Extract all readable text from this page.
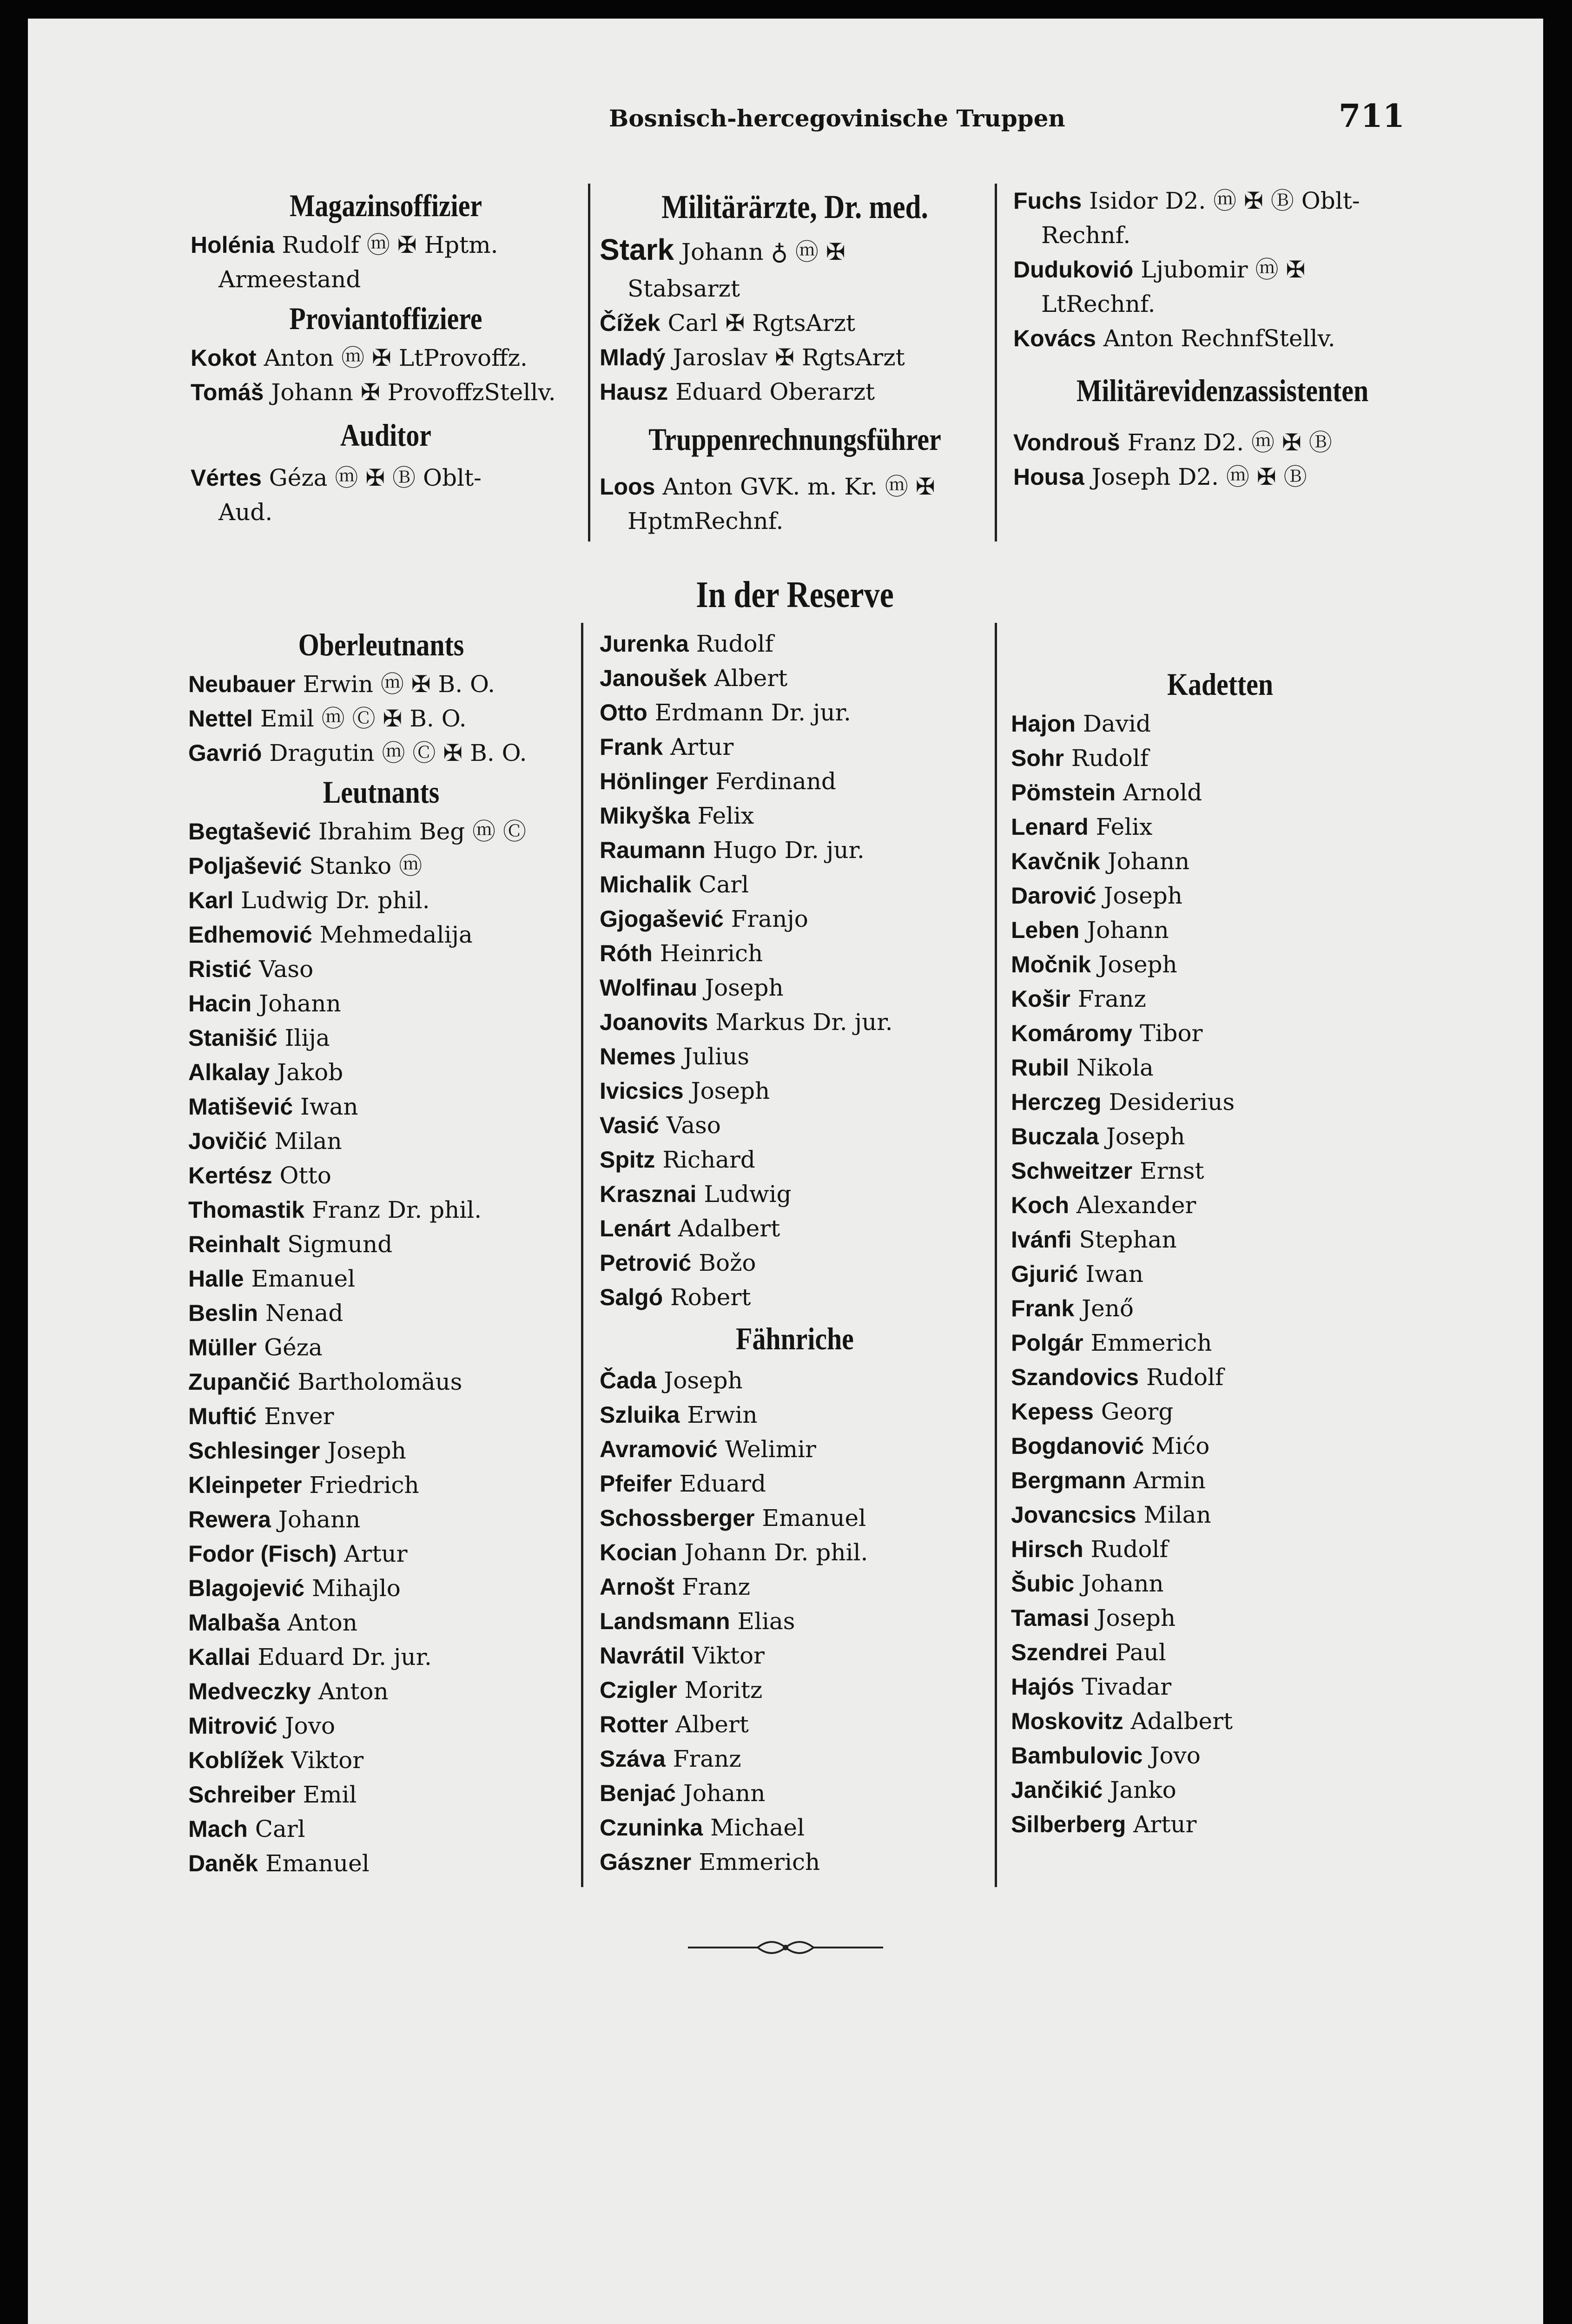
Bosnisch-hercegovinische Truppen	711
Magazinsoffizier
Holénia Rudolf ⓜ ✠ Hptm.
Armeestand
Proviantoffiziere
Kokot Anton ⓜ ✠ LtProvoffz.
Tomáš Johann ✠ ProvoffzStellv.
Auditor
Vértes Géza ⓜ ✠ Ⓑ Oblt-
Aud.
Militärärzte, Dr. med.
Stark Johann ♁ ⓜ ✠
Stabsarzt
Čížek Carl ✠ RgtsArzt
Mladý Jaroslav ✠ RgtsArzt
Hausz Eduard Oberarzt
Truppenrechnungsführer
Loos Anton GVK. m. Kr. ⓜ ✠
HptmRechnf.
Fuchs Isidor D2. ⓜ ✠ Ⓑ Oblt-
Rechnf.
Dudukovió Ljubomir ⓜ ✠
LtRechnf.
Kovács Anton RechnfStellv.
Militärevidenzassistenten
Vondrouš Franz D2. ⓜ ✠ Ⓑ
Housa Joseph D2. ⓜ ✠ Ⓑ
In der Reserve
Oberleutnants
Neubauer Erwin ⓜ ✠ B. O.
Nettel Emil ⓜ Ⓒ ✠ B. O.
Gavrió Dragutin ⓜ Ⓒ ✠ B. O.
Leutnants
Begtašević Ibrahim Beg ⓜ Ⓒ
Poljašević Stanko ⓜ
Karl Ludwig Dr. phil.
Edhemović Mehmedalija
Ristić Vaso
Hacin Johann
Stanišić Ilija
Alkalay Jakob
Matišević Iwan
Jovičić Milan
Kertész Otto
Thomastik Franz Dr. phil.
Reinhalt Sigmund
Halle Emanuel
Beslin Nenad
Müller Géza
Zupančić Bartholomäus
Muftić Enver
Schlesinger Joseph
Kleinpeter Friedrich
Rewera Johann
Fodor (Fisch) Artur
Blagojević Mihajlo
Malbaša Anton
Kallai Eduard Dr. jur.
Medveczky Anton
Mitrović Jovo
Koblížek Viktor
Schreiber Emil
Mach Carl
Daněk Emanuel
Jurenka Rudolf
Janoušek Albert
Otto Erdmann Dr. jur.
Frank Artur
Hönlinger Ferdinand
Mikyška Felix
Raumann Hugo Dr. jur.
Michalik Carl
Gjogašević Franjo
Róth Heinrich
Wolfinau Joseph
Joanovits Markus Dr. jur.
Nemes Julius
Ivicsics Joseph
Vasić Vaso
Spitz Richard
Krasznai Ludwig
Lenárt Adalbert
Petrović Božo
Salgó Robert
Fähnriche
Čada Joseph
Szluika Erwin
Avramović Welimir
Pfeifer Eduard
Schossberger Emanuel
Kocian Johann Dr. phil.
Arnošt Franz
Landsmann Elias
Navrátil Viktor
Czigler Moritz
Rotter Albert
Száva Franz
Benjać Johann
Czuninka Michael
Gászner Emmerich
Kadetten
Hajon David
Sohr Rudolf
Pömstein Arnold
Lenard Felix
Kavčnik Johann
Darović Joseph
Leben Johann
Močnik Joseph
Košir Franz
Komáromy Tibor
Rubil Nikola
Herczeg Desiderius
Buczala Joseph
Schweitzer Ernst
Koch Alexander
Ivánfi Stephan
Gjurić Iwan
Frank Jenő
Polgár Emmerich
Szandovics Rudolf
Kepess Georg
Bogdanović Mićo
Bergmann Armin
Jovancsics Milan
Hirsch Rudolf
Šubic Johann
Tamasi Joseph
Szendrei Paul
Hajós Tivadar
Moskovitz Adalbert
Bambulovic Jovo
Jančikić Janko
Silberberg Artur
